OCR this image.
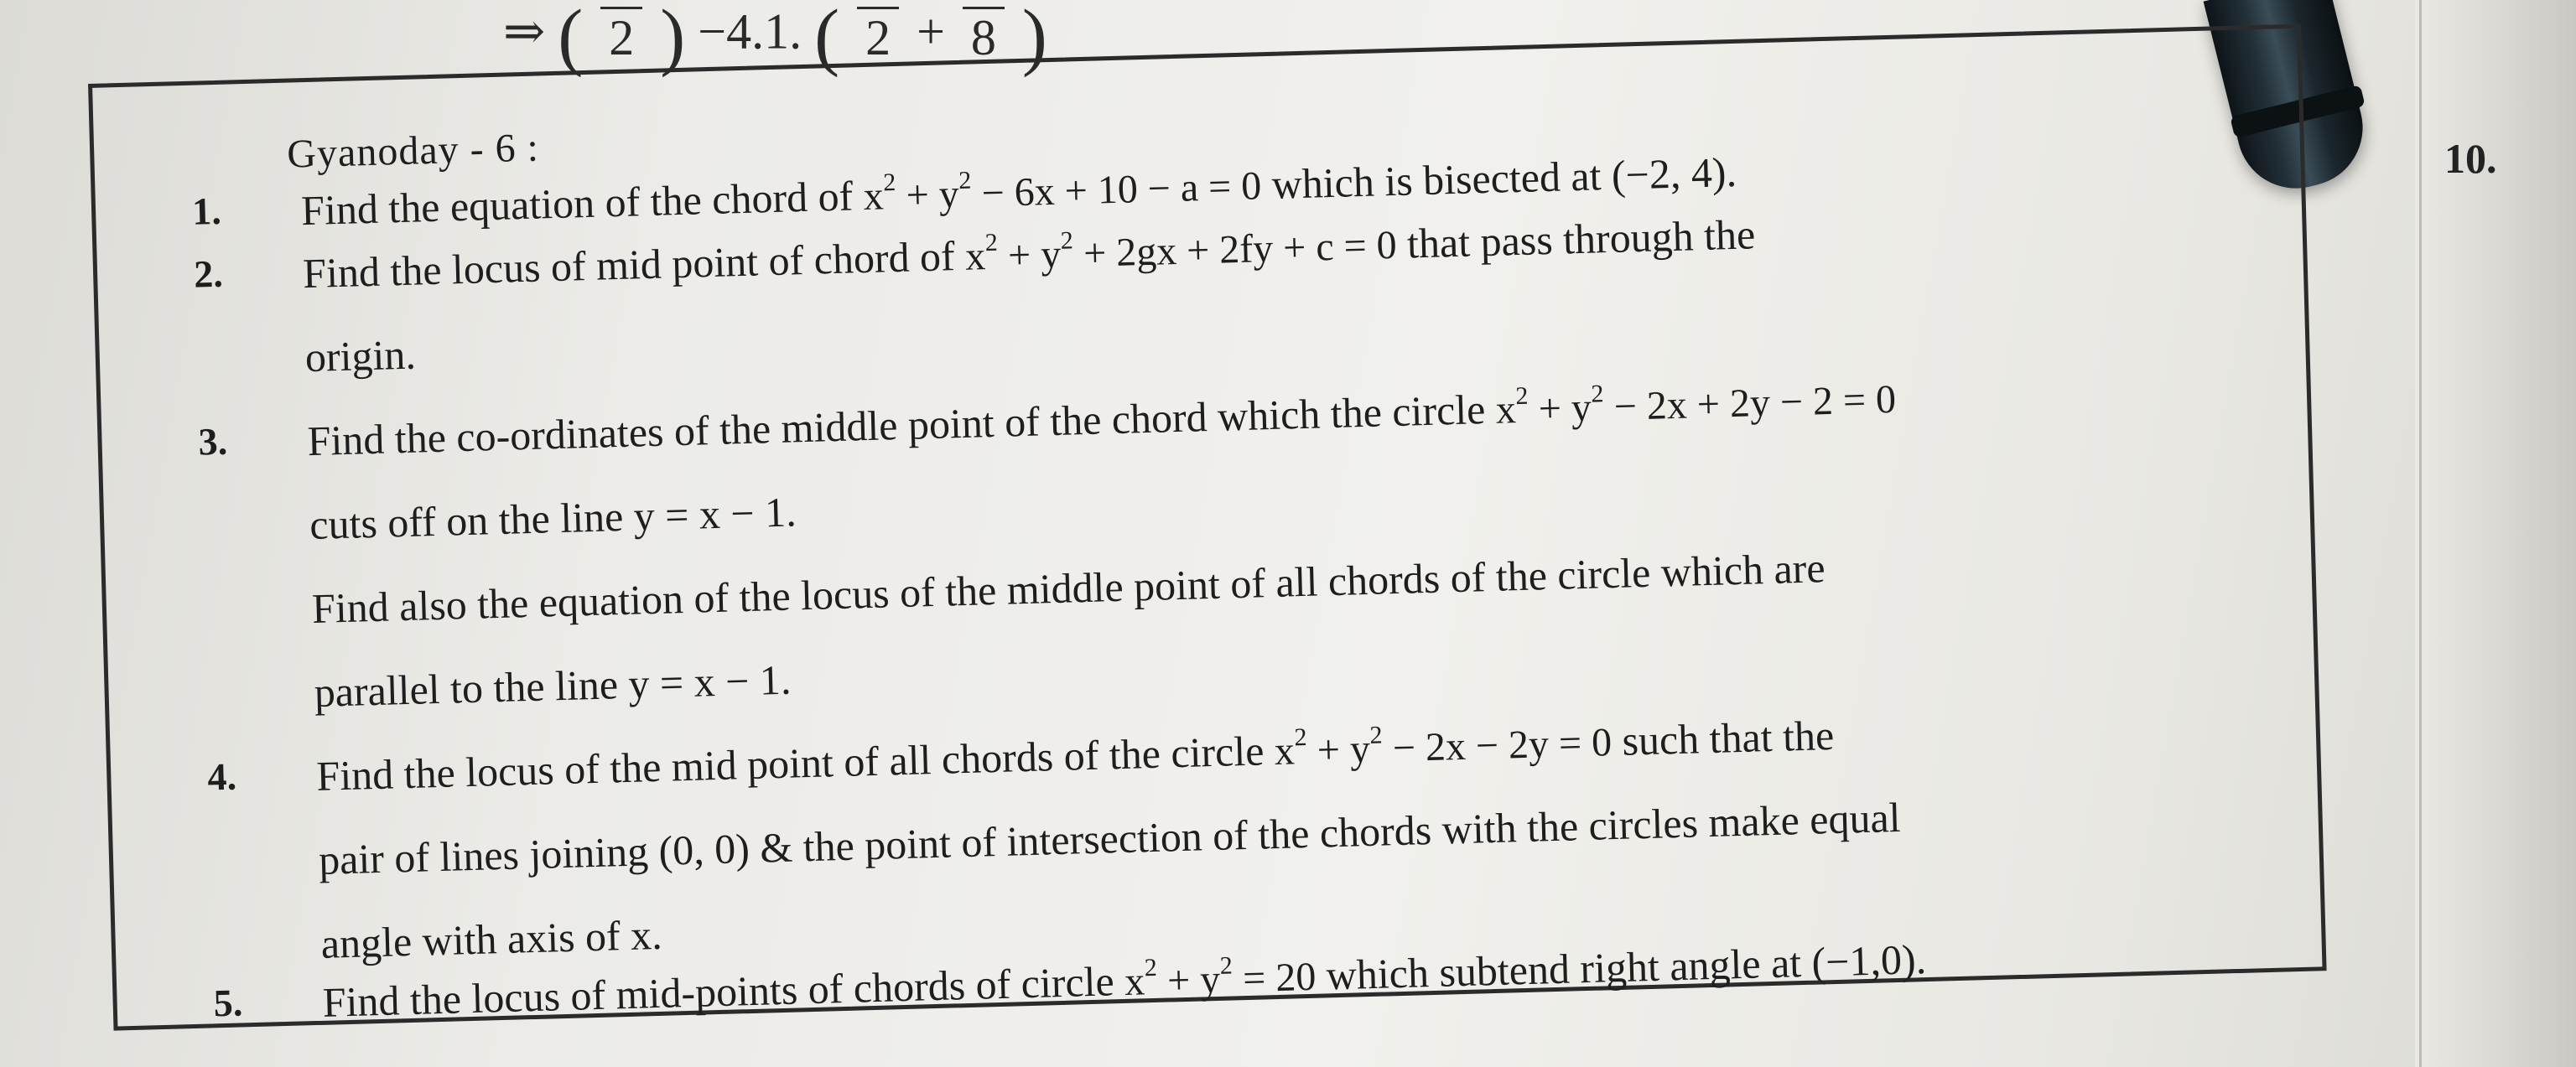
⇒ ( 2 ) −4.1. ( 2 + 8 )
10.
Gyanoday - 6 :
1. Find the equation of the chord of $x^2 + y^2 - 6x + 10 - a = 0$ which is bisected at (−2, 4).
2. Find the locus of mid point of chord of $x^2 + y^2 + 2gx + 2fy + c = 0$ that pass through the
origin.
3. Find the co-ordinates of the middle point of the chord which the circle $x^2 + y^2 - 2x + 2y - 2 = 0$
cuts off on the line y = x − 1.
Find also the equation of the locus of the middle point of all chords of the circle which are
parallel to the line y = x − 1.
4. Find the locus of the mid point of all chords of the circle $x^2 + y^2 - 2x - 2y = 0$ such that the
pair of lines joining (0, 0) & the point of intersection of the chords with the circles make equal
angle with axis of x.
5. Find the locus of mid-points of chords of circle $x^2 + y^2 = 20$ which subtend right angle at (−1,0).
